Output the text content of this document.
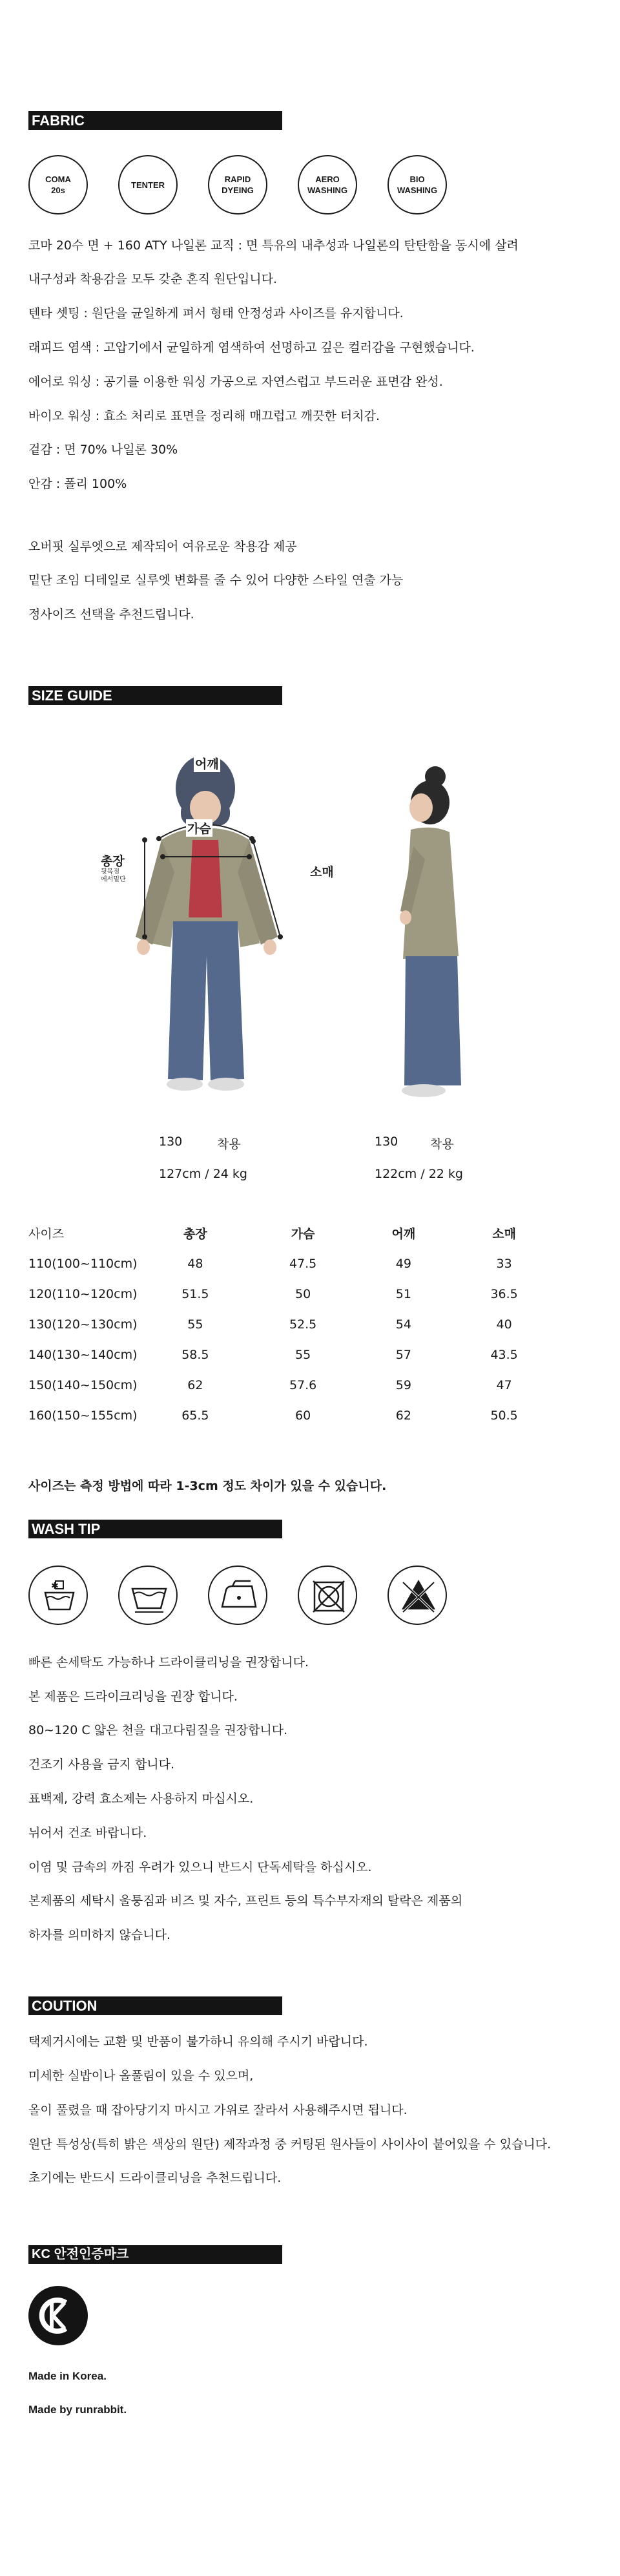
FABRIC
COMA
20s
TENTER
RAPID
DYEING
AERO
WASHING
BIO
WASHING
코마 20수 면 + 160 ATY 나일론 교직 : 면 특유의 내추성과 나일론의 탄탄함을 동시에 살려
내구성과 착용감을 모두 갖춘 혼직 원단입니다.
텐타 셋팅 : 원단을 균일하게 펴서 형태 안정성과 사이즈를 유지합니다.
래피드 염색 : 고압기에서 균일하게 염색하여 선명하고 깊은 컬러감을 구현했습니다.
에어로 워싱 : 공기를 이용한 워싱 가공으로 자연스럽고 부드러운 표면감 완성.
바이오 워싱 : 효소 처리로 표면을 정리해 매끄럽고 깨끗한 터치감.
겉감 : 면 70% 나일론 30%
안감 : 폴리 100%
오버핏 실루엣으로 제작되어 여유로운 착용감 제공
밑단 조임 디테일로 실루엣 변화를 줄 수 있어 다양한 스타일 연출 가능
정사이즈 선택을 추천드립니다.
SIZE GUIDE
어깨
가슴
총장
뒷목점
에서밑단
소매
130	착용
127cm / 24 kg
130	착용
122cm / 22 kg
사이즈	총장	가슴	어깨	소매
110(100~110cm)	48	47.5	49	33
120(110~120cm)	51.5	50	51	36.5
130(120~130cm)	55	52.5	54	40
140(130~140cm)	58.5	55	57	43.5
150(140~150cm)	62	57.6	59	47
160(150~155cm)	65.5	60	62	50.5
사이즈는 측정 방법에 따라 1-3cm 정도 차이가 있을 수 있습니다.
WASH TIP
✱
빠른 손세탁도 가능하나 드라이클리닝을 권장합니다.
본 제품은 드라이크리닝을 권장 합니다.
80~120 C 얇은 천을 대고다림질을 권장합니다.
건조기 사용을 금지 합니다.
표백제, 강력 효소제는 사용하지 마십시오.
뉘어서 건조 바랍니다.
이염 및 금속의 까짐 우려가 있으니 반드시 단독세탁을 하십시오.
본제품의 세탁시 울퉁짐과 비즈 및 자수, 프린트 등의 특수부자재의 탈락은 제품의
하자를 의미하지 않습니다.
COUTION
택제거시에는 교환 및 반품이 불가하니 유의해 주시기 바랍니다.
미세한 실밥이나 올풀림이 있을 수 있으며,
올이 풀렸을 때 잡아당기지 마시고 가위로 잘라서 사용해주시면 됩니다.
원단 특성상(특히 밝은 색상의 원단) 제작과정 중 커팅된 원사들이 사이사이 붙어있을 수 있습니다.
초기에는 반드시 드라이클리닝을 추천드립니다.
KC 안전인증마크
Made in Korea.
Made by runrabbit.
